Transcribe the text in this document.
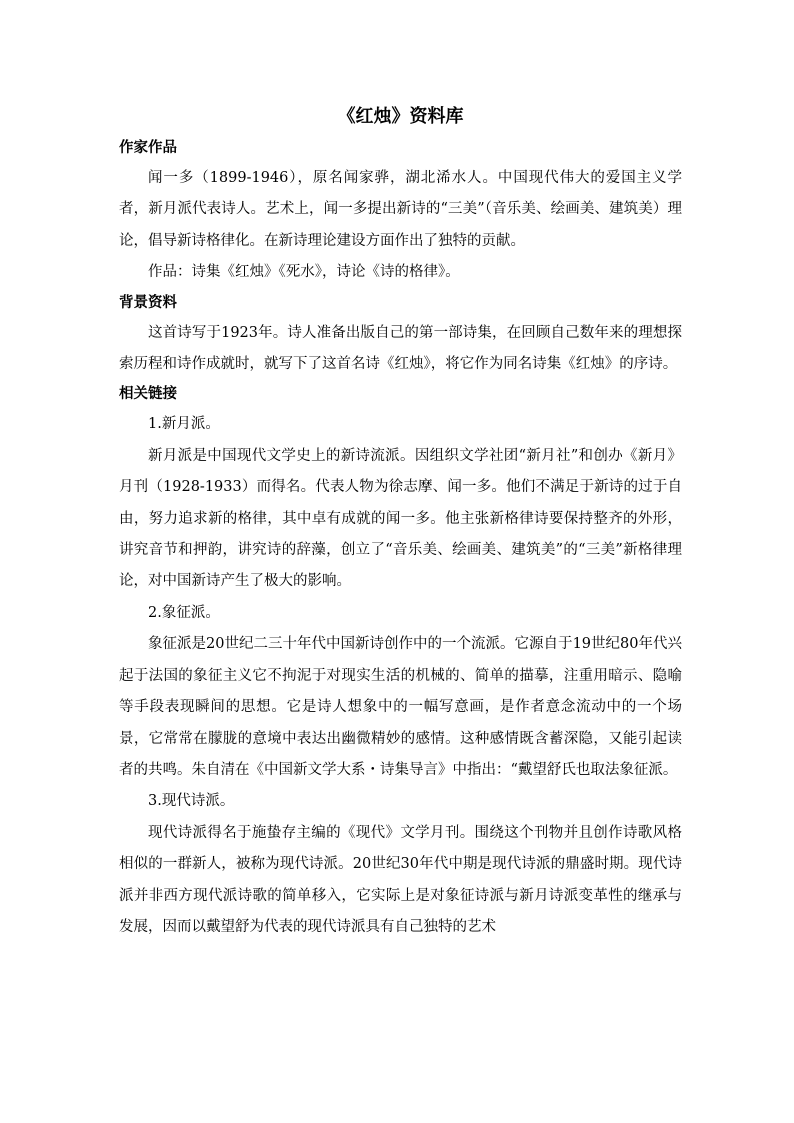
《红烛》资料库
作家作品

闻一多（1899-1946），原名闻家骅，湖北浠水人。中国现代伟大的爱国主义学者，新月派代表诗人。艺术上，闻一多提出新诗的“三美”（音乐美、绘画美、建筑美）理论，倡导新诗格律化。在新诗理论建设方面作出了独特的贡献。

作品：诗集《红烛》《死水》，诗论《诗的格律》。

背景资料

这首诗写于1923年。诗人准备出版自己的第一部诗集，在回顾自己数年来的理想探索历程和诗作成就时，就写下了这首名诗《红烛》，将它作为同名诗集《红烛》的序诗。

相关链接

1.新月派。

新月派是中国现代文学史上的新诗流派。因组织文学社团“新月社”和创办《新月》月刊（1928-1933）而得名。代表人物为徐志摩、闻一多。他们不满足于新诗的过于自由，努力追求新的格律，其中卓有成就的闻一多。他主张新格律诗要保持整齐的外形，讲究音节和押韵，讲究诗的辞藻，创立了“音乐美、绘画美、建筑美”的“三美”新格律理论，对中国新诗产生了极大的影响。

2.象征派。

象征派是20世纪二三十年代中国新诗创作中的一个流派。它源自于19世纪80年代兴起于法国的象征主义它不拘泥于对现实生活的机械的、简单的描摹，注重用暗示、隐喻等手段表现瞬间的思想。它是诗人想象中的一幅写意画，是作者意念流动中的一个场景，它常常在朦胧的意境中表达出幽微精妙的感情。这种感情既含蓄深隐，又能引起读者的共鸣。朱自清在《中国新文学大系・诗集导言》中指出：“戴望舒氏也取法象征派。

3.现代诗派。

现代诗派得名于施蛰存主编的《现代》文学月刊。围绕这个刊物并且创作诗歌风格相似的一群新人，被称为现代诗派。20世纪30年代中期是现代诗派的鼎盛时期。现代诗派并非西方现代派诗歌的简单移入，它实际上是对象征诗派与新月诗派变革性的继承与发展，因而以戴望舒为代表的现代诗派具有自己独特的艺术
